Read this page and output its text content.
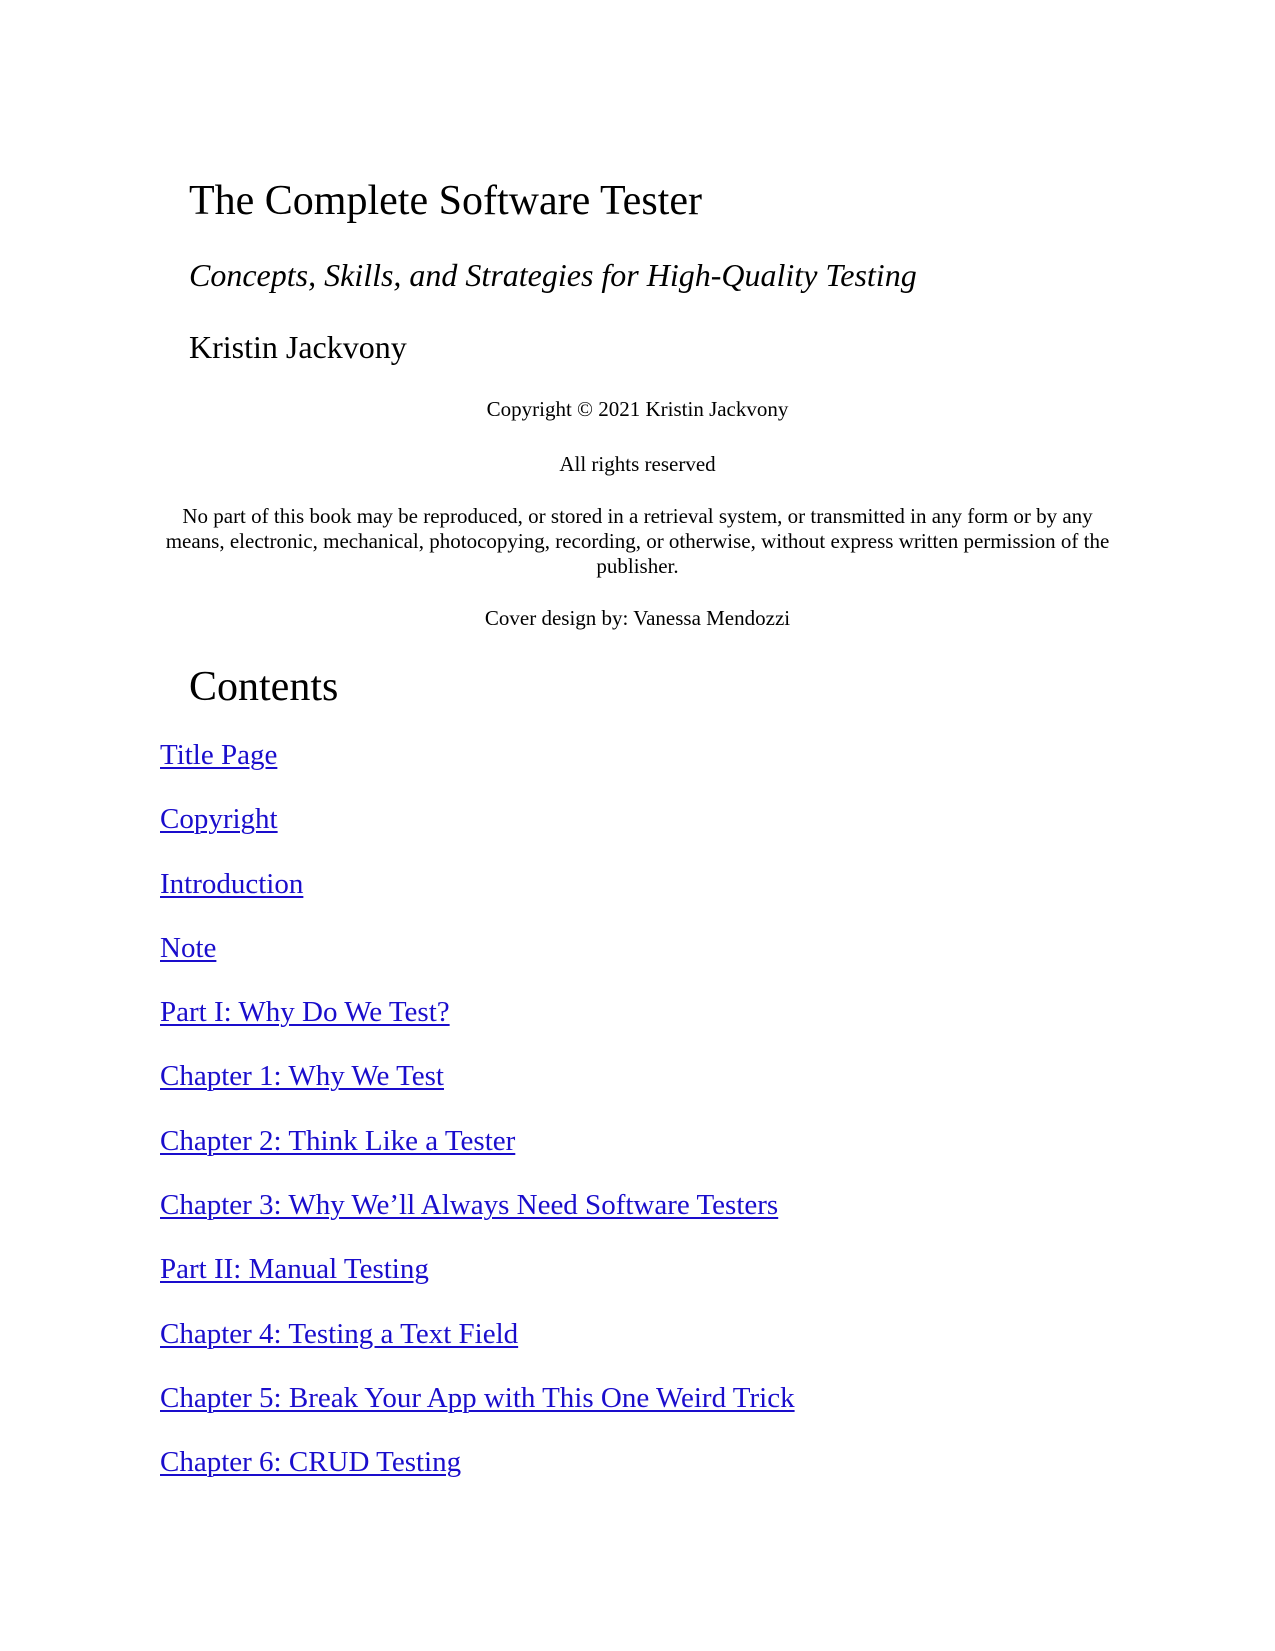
The Complete Software Tester

Concepts, Skills, and Strategies for High-Quality Testing

Kristin Jackvony

Copyright © 2021 Kristin Jackvony

All rights reserved

No part of this book may be reproduced, or stored in a retrieval system, or transmitted in any form or by any means, electronic, mechanical, photocopying, recording, or otherwise, without express written permission of the publisher.

Cover design by: Vanessa Mendozzi

Contents
Title Page
Copyright
Introduction
Note
Part I: Why Do We Test?
Chapter 1: Why We Test
Chapter 2: Think Like a Tester
Chapter 3: Why We’ll Always Need Software Testers
Part II: Manual Testing
Chapter 4: Testing a Text Field
Chapter 5: Break Your App with This One Weird Trick
Chapter 6: CRUD Testing
